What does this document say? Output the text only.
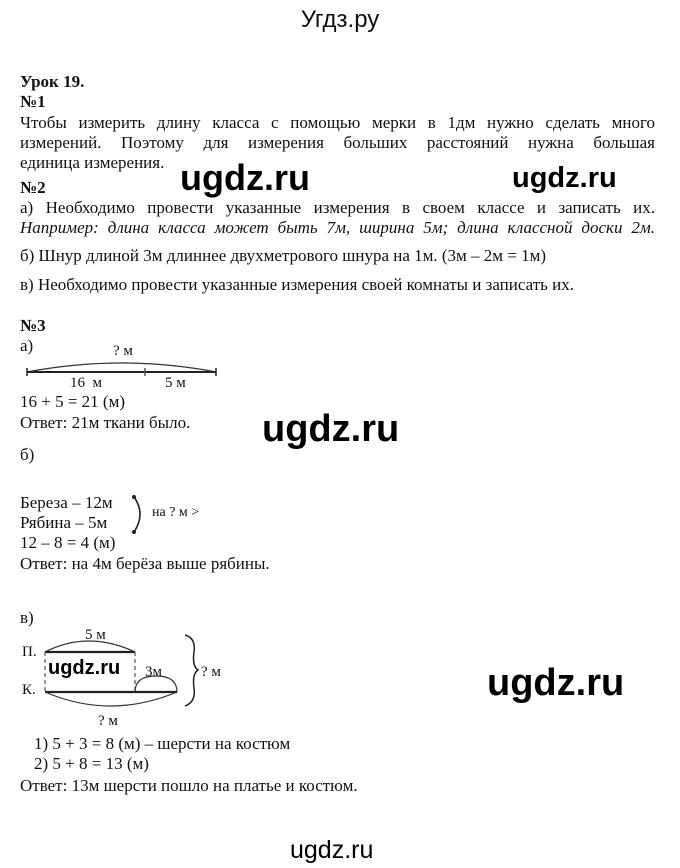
Угдз.ру
Урок 19.
№1
Чтобы измерить длину класса с помощью мерки в 1дм нужно сделать много
измерений. Поэтому для измерения больших расстояний нужна большая
единица измерения.
№2
а) Необходимо провести указанные измерения в своем классе и записать их.
Например: длина класса может быть 7м, ширина 5м; длина классной доски 2м.
б) Шнур длиной 3м длиннее двухметрового шнура на 1м. (3м – 2м = 1м)
в) Необходимо провести указанные измерения своей комнаты и записать их.
№3
а)	? м
16  м	5 м
16 + 5 = 21 (м)
Ответ: 21м ткани было.
б)
Береза – 12м
Рябина – 5м
на ? м >
12 – 8 = 4 (м)
Ответ: на 4м берёза выше рябины.
в)
П.
К.
5 м
3м
? м
? м
1) 5 + 3 = 8 (м) – шерсти на костюм
2) 5 + 8 = 13 (м)
Ответ: 13м шерсти пошло на платье и костюм.
ugdz.ru	ugdz.ru
ugdz.ru
ugdz.ru
ugdz.ru
ugdz.ru
